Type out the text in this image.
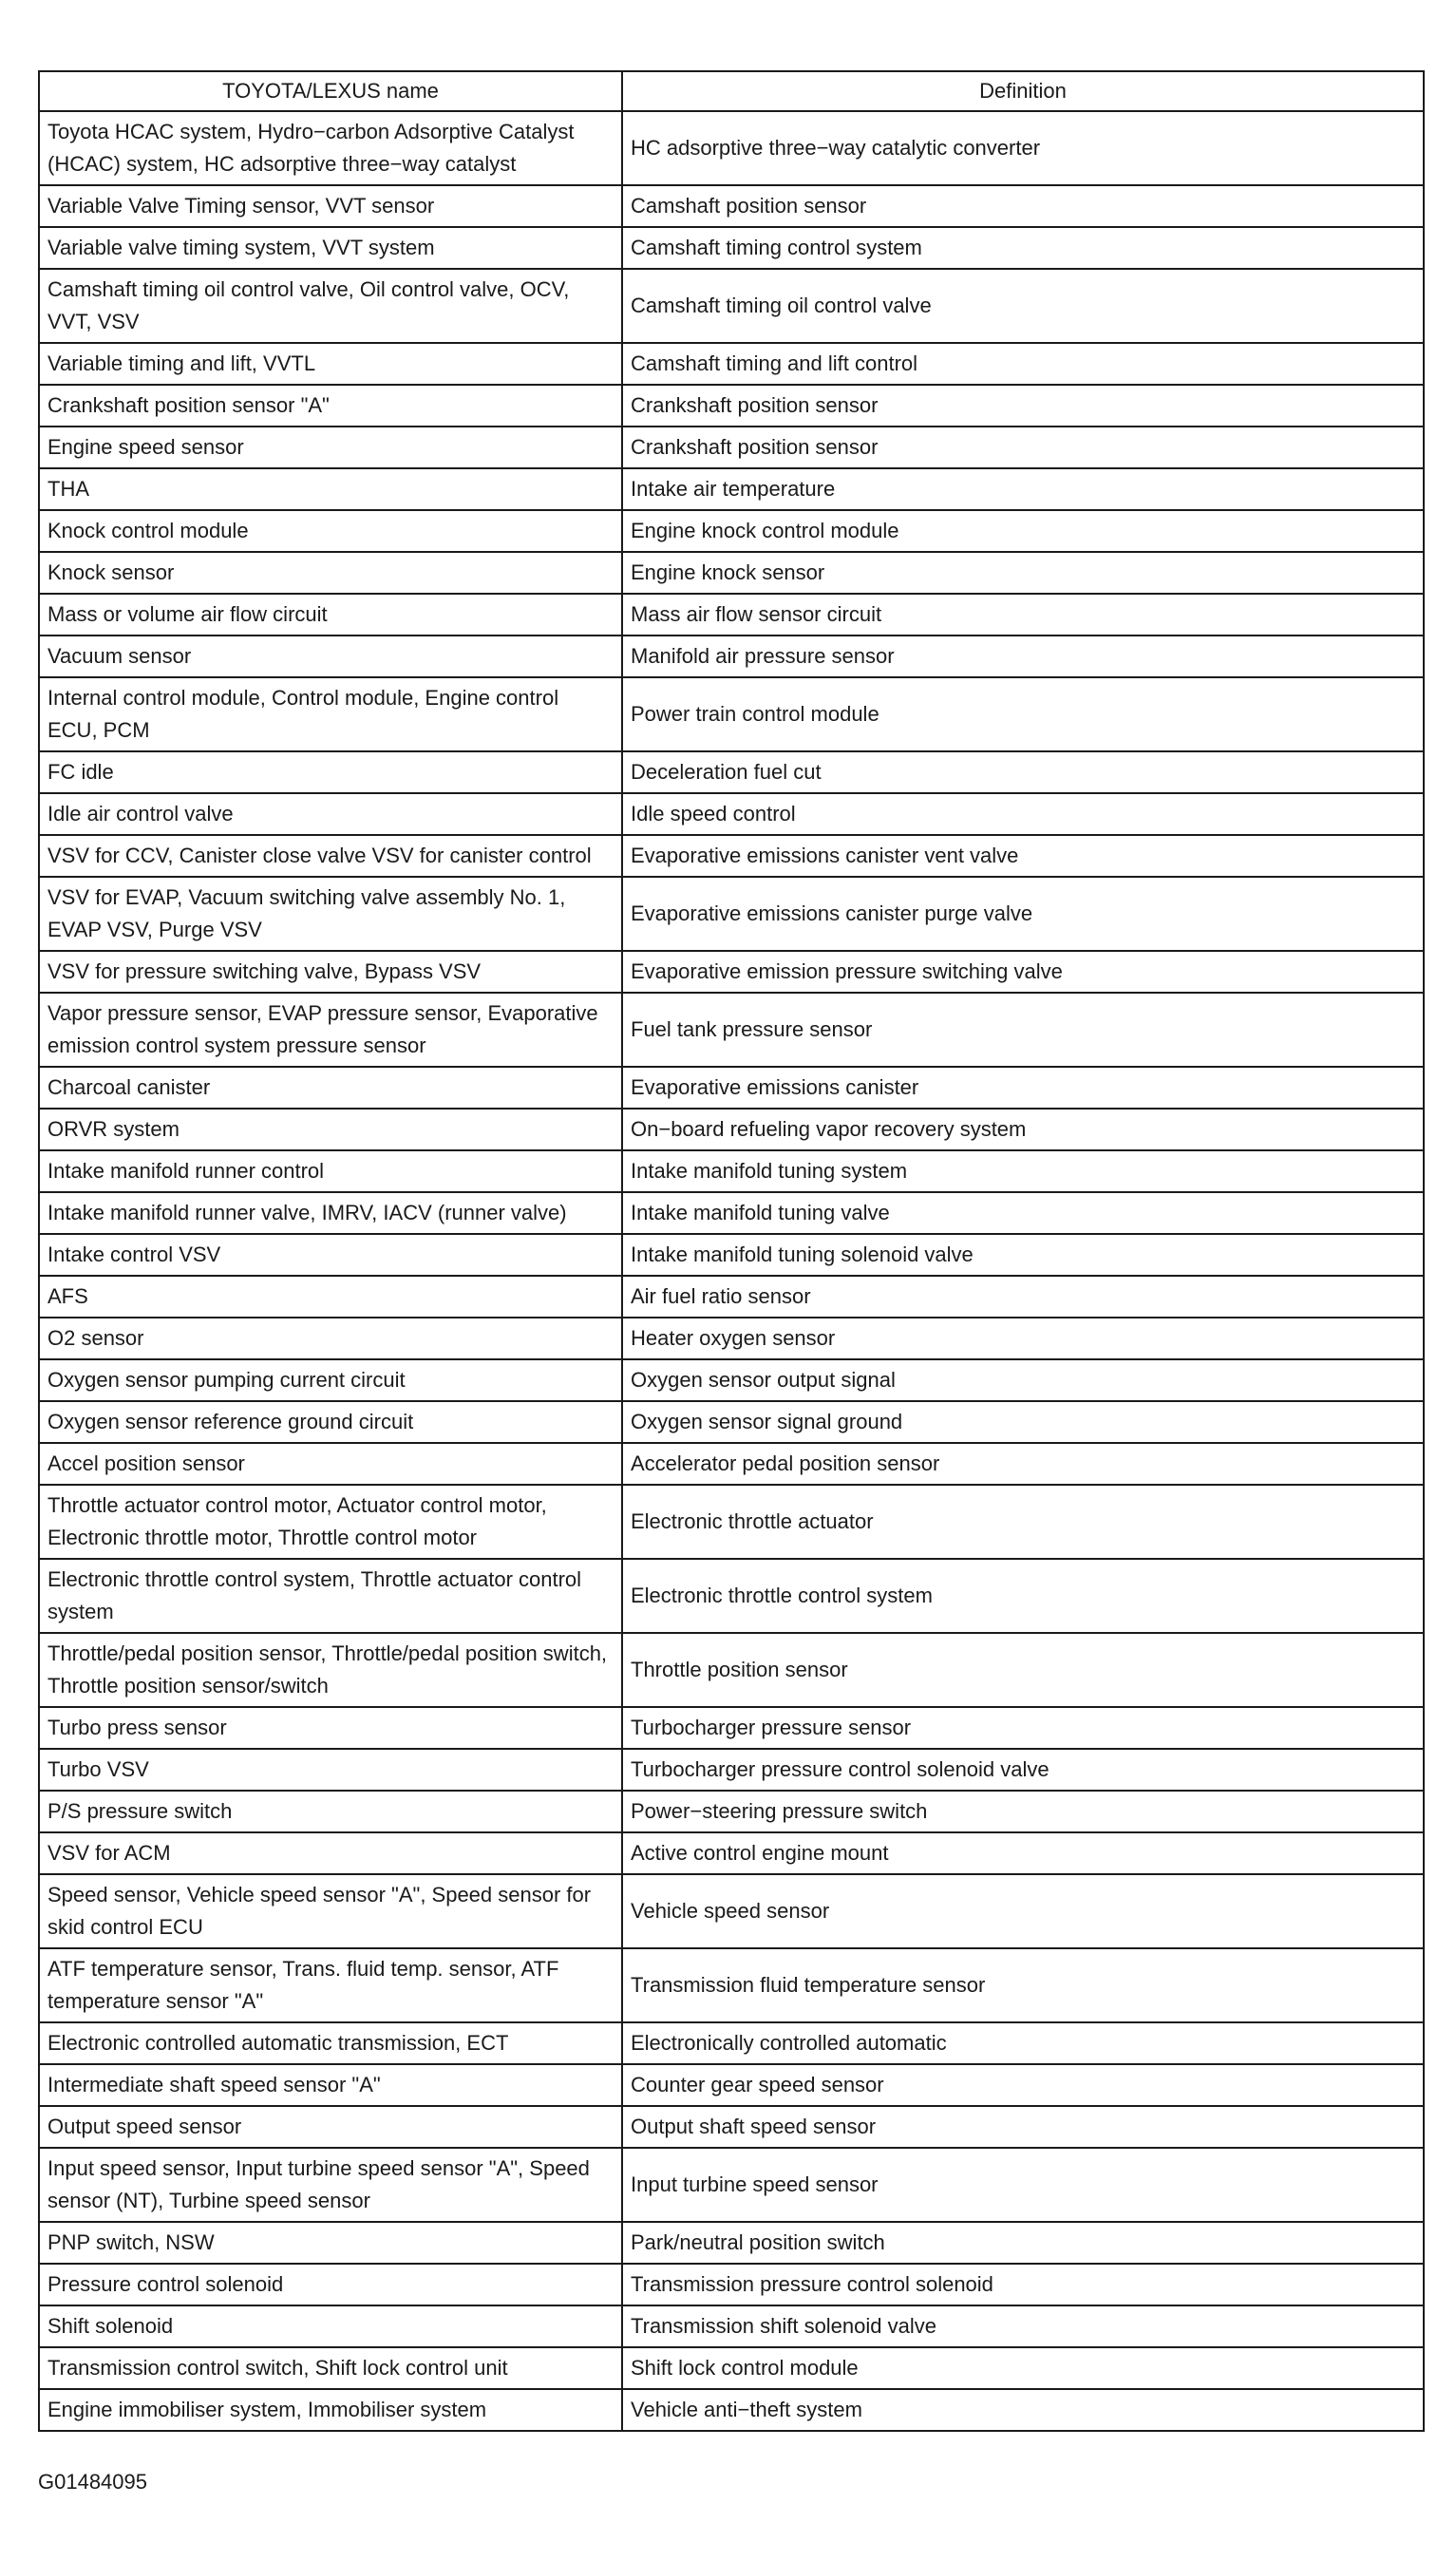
TOYOTA/LEXUS name	Definition
Toyota HCAC system, Hydro−carbon Adsorptive Catalyst (HCAC) system, HC adsorptive three−way catalyst	HC adsorptive three−way catalytic converter
Variable Valve Timing sensor, VVT sensor	Camshaft position sensor
Variable valve timing system, VVT system	Camshaft timing control system
Camshaft timing oil control valve, Oil control valve, OCV, VVT, VSV	Camshaft timing oil control valve
Variable timing and lift, VVTL	Camshaft timing and lift control
Crankshaft position sensor "A"	Crankshaft position sensor
Engine speed sensor	Crankshaft position sensor
THA	Intake air temperature
Knock control module	Engine knock control module
Knock sensor	Engine knock sensor
Mass or volume air flow circuit	Mass air flow sensor circuit
Vacuum sensor	Manifold air pressure sensor
Internal control module, Control module, Engine control ECU, PCM	Power train control module
FC idle	Deceleration fuel cut
Idle air control valve	Idle speed control
VSV for CCV, Canister close valve VSV for canister control	Evaporative emissions canister vent valve
VSV for EVAP, Vacuum switching valve assembly No. 1, EVAP VSV, Purge VSV	Evaporative emissions canister purge valve
VSV for pressure switching valve, Bypass VSV	Evaporative emission pressure switching valve
Vapor pressure sensor, EVAP pressure sensor, Evaporative emission control system pressure sensor	Fuel tank pressure sensor
Charcoal canister	Evaporative emissions canister
ORVR system	On−board refueling vapor recovery system
Intake manifold runner control	Intake manifold tuning system
Intake manifold runner valve, IMRV, IACV (runner valve)	Intake manifold tuning valve
Intake control VSV	Intake manifold tuning solenoid valve
AFS	Air fuel ratio sensor
O2 sensor	Heater oxygen sensor
Oxygen sensor pumping current circuit	Oxygen sensor output signal
Oxygen sensor reference ground circuit	Oxygen sensor signal ground
Accel position sensor	Accelerator pedal position sensor
Throttle actuator control motor, Actuator control motor, Electronic throttle motor, Throttle control motor	Electronic throttle actuator
Electronic throttle control system, Throttle actuator control system	Electronic throttle control system
Throttle/pedal position sensor, Throttle/pedal position switch, Throttle position sensor/switch	Throttle position sensor
Turbo press sensor	Turbocharger pressure sensor
Turbo VSV	Turbocharger pressure control solenoid valve
P/S pressure switch	Power−steering pressure switch
VSV for ACM	Active control engine mount
Speed sensor, Vehicle speed sensor "A", Speed sensor for skid control ECU	Vehicle speed sensor
ATF temperature sensor, Trans. fluid temp. sensor, ATF temperature sensor "A"	Transmission fluid temperature sensor
Electronic controlled automatic transmission, ECT	Electronically controlled automatic
Intermediate shaft speed sensor "A"	Counter gear speed sensor
Output speed sensor	Output shaft speed sensor
Input speed sensor, Input turbine speed sensor "A", Speed sensor (NT), Turbine speed sensor	Input turbine speed sensor
PNP switch, NSW	Park/neutral position switch
Pressure control solenoid	Transmission pressure control solenoid
Shift solenoid	Transmission shift solenoid valve
Transmission control switch, Shift lock control unit	Shift lock control module
Engine immobiliser system, Immobiliser system	Vehicle anti−theft system
G01484095
